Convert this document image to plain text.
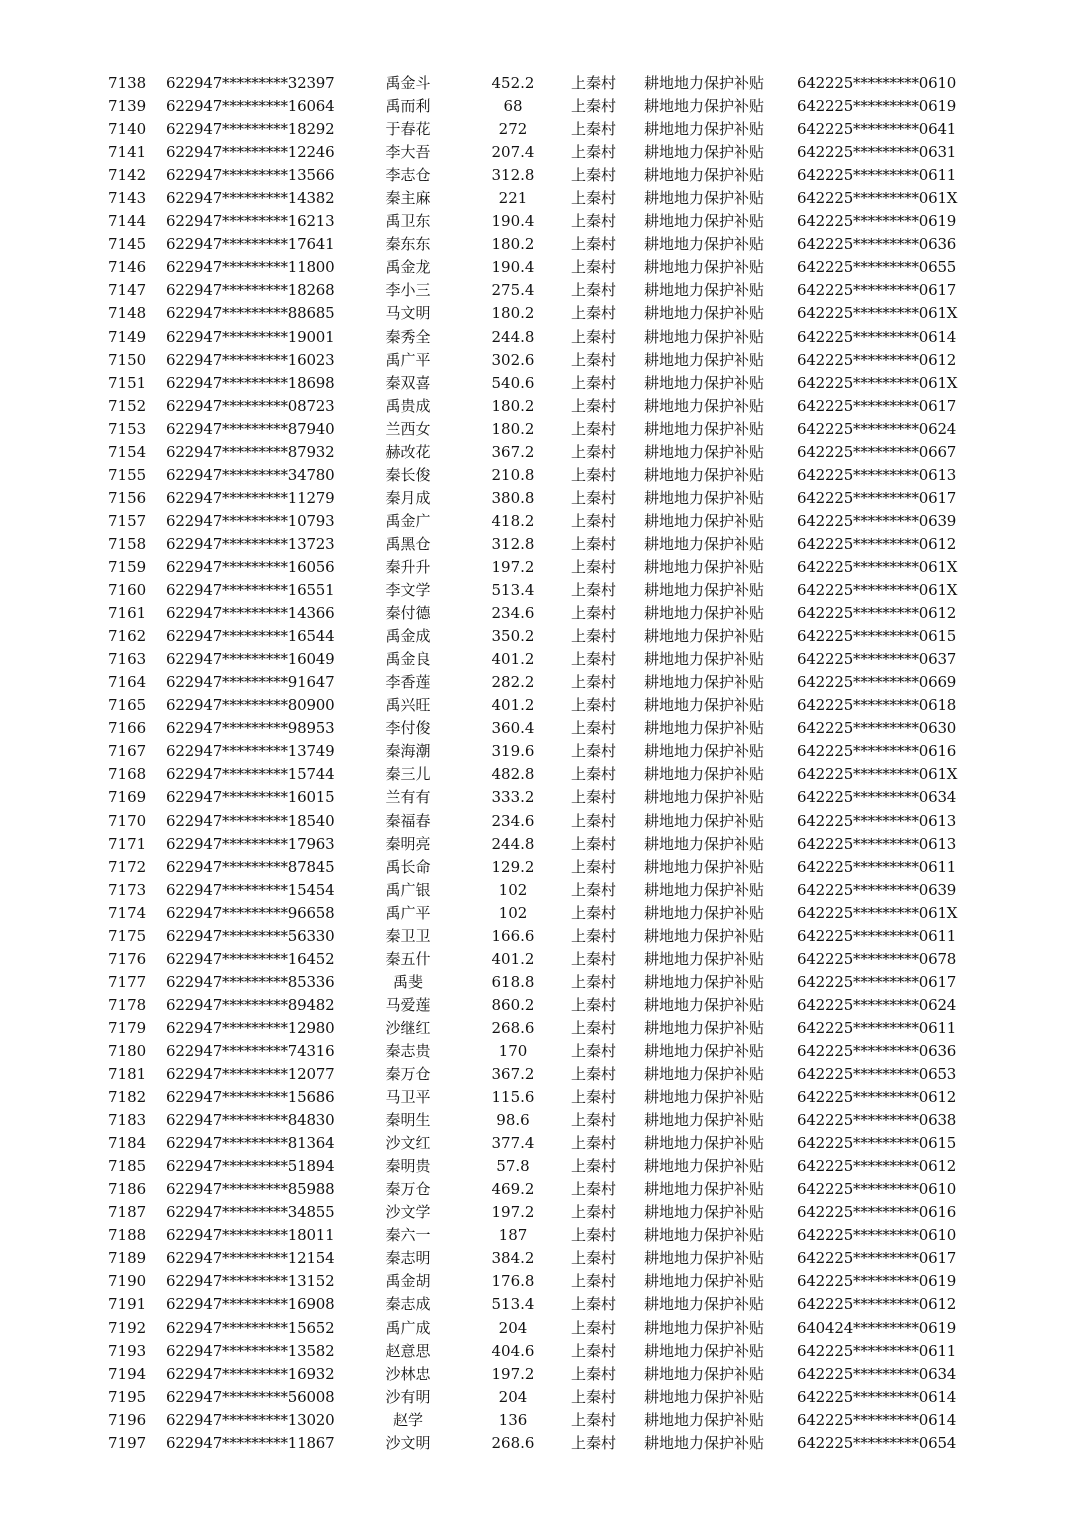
7138 622947*********32397	禹金斗	452.2	上秦村 耕地地力保护补贴 642225*********0610
7139 622947*********16064	禹而利	68	上秦村 耕地地力保护补贴 642225*********0619
7140 622947*********18292	于春花	272	上秦村 耕地地力保护补贴 642225*********0641
7141 622947*********12246	李大吾	207.4	上秦村 耕地地力保护补贴 642225*********0631
7142 622947*********13566	李志仓	312.8	上秦村 耕地地力保护补贴 642225*********0611
7143 622947*********14382	秦主麻	221	上秦村 耕地地力保护补贴 642225*********061X
7144 622947*********16213	禹卫东	190.4	上秦村 耕地地力保护补贴 642225*********0619
7145 622947*********17641	秦东东	180.2	上秦村 耕地地力保护补贴 642225*********0636
7146 622947*********11800	禹金龙	190.4	上秦村 耕地地力保护补贴 642225*********0655
7147 622947*********18268	李小三	275.4	上秦村 耕地地力保护补贴 642225*********0617
7148 622947*********88685	马文明	180.2	上秦村 耕地地力保护补贴 642225*********061X
7149 622947*********19001	秦秀全	244.8	上秦村 耕地地力保护补贴 642225*********0614
7150 622947*********16023	禹广平	302.6	上秦村 耕地地力保护补贴 642225*********0612
7151 622947*********18698	秦双喜	540.6	上秦村 耕地地力保护补贴 642225*********061X
7152 622947*********08723	禹贵成	180.2	上秦村 耕地地力保护补贴 642225*********0617
7153 622947*********87940	兰西女	180.2	上秦村 耕地地力保护补贴 642225*********0624
7154 622947*********87932	赫改花	367.2	上秦村 耕地地力保护补贴 642225*********0667
7155 622947*********34780	秦长俊	210.8	上秦村 耕地地力保护补贴 642225*********0613
7156 622947*********11279	秦月成	380.8	上秦村 耕地地力保护补贴 642225*********0617
7157 622947*********10793	禹金广	418.2	上秦村 耕地地力保护补贴 642225*********0639
7158 622947*********13723	禹黑仓	312.8	上秦村 耕地地力保护补贴 642225*********0612
7159 622947*********16056	秦升升	197.2	上秦村 耕地地力保护补贴 642225*********061X
7160 622947*********16551	李文学	513.4	上秦村 耕地地力保护补贴 642225*********061X
7161 622947*********14366	秦付德	234.6	上秦村 耕地地力保护补贴 642225*********0612
7162 622947*********16544	禹金成	350.2	上秦村 耕地地力保护补贴 642225*********0615
7163 622947*********16049	禹金良	401.2	上秦村 耕地地力保护补贴 642225*********0637
7164 622947*********91647	李香莲	282.2	上秦村 耕地地力保护补贴 642225*********0669
7165 622947*********80900	禹兴旺	401.2	上秦村 耕地地力保护补贴 642225*********0618
7166 622947*********98953	李付俊	360.4	上秦村 耕地地力保护补贴 642225*********0630
7167 622947*********13749	秦海潮	319.6	上秦村 耕地地力保护补贴 642225*********0616
7168 622947*********15744	秦三儿	482.8	上秦村 耕地地力保护补贴 642225*********061X
7169 622947*********16015	兰有有	333.2	上秦村 耕地地力保护补贴 642225*********0634
7170 622947*********18540	秦福春	234.6	上秦村 耕地地力保护补贴 642225*********0613
7171 622947*********17963	秦明亮	244.8	上秦村 耕地地力保护补贴 642225*********0613
7172 622947*********87845	禹长命	129.2	上秦村 耕地地力保护补贴 642225*********0611
7173 622947*********15454	禹广银	102	上秦村 耕地地力保护补贴 642225*********0639
7174 622947*********96658	禹广平	102	上秦村 耕地地力保护补贴 642225*********061X
7175 622947*********56330	秦卫卫	166.6	上秦村 耕地地力保护补贴 642225*********0611
7176 622947*********16452	秦五什	401.2	上秦村 耕地地力保护补贴 642225*********0678
7177 622947*********85336	禹斐	618.8	上秦村 耕地地力保护补贴 642225*********0617
7178 622947*********89482	马爱莲	860.2	上秦村 耕地地力保护补贴 642225*********0624
7179 622947*********12980	沙继红	268.6	上秦村 耕地地力保护补贴 642225*********0611
7180 622947*********74316	秦志贵	170	上秦村 耕地地力保护补贴 642225*********0636
7181 622947*********12077	秦万仓	367.2	上秦村 耕地地力保护补贴 642225*********0653
7182 622947*********15686	马卫平	115.6	上秦村 耕地地力保护补贴 642225*********0612
7183 622947*********84830	秦明生	98.6	上秦村 耕地地力保护补贴 642225*********0638
7184 622947*********81364	沙文红	377.4	上秦村 耕地地力保护补贴 642225*********0615
7185 622947*********51894	秦明贵	57.8	上秦村 耕地地力保护补贴 642225*********0612
7186 622947*********85988	秦万仓	469.2	上秦村 耕地地力保护补贴 642225*********0610
7187 622947*********34855	沙文学	197.2	上秦村 耕地地力保护补贴 642225*********0616
7188 622947*********18011	秦六一	187	上秦村 耕地地力保护补贴 642225*********0610
7189 622947*********12154	秦志明	384.2	上秦村 耕地地力保护补贴 642225*********0617
7190 622947*********13152	禹金胡	176.8	上秦村 耕地地力保护补贴 642225*********0619
7191 622947*********16908	秦志成	513.4	上秦村 耕地地力保护补贴 642225*********0612
7192 622947*********15652	禹广成	204	上秦村 耕地地力保护补贴 640424*********0619
7193 622947*********13582	赵意思	404.6	上秦村 耕地地力保护补贴 642225*********0611
7194 622947*********16932	沙林忠	197.2	上秦村 耕地地力保护补贴 642225*********0634
7195 622947*********56008	沙有明	204	上秦村 耕地地力保护补贴 642225*********0614
7196 622947*********13020	赵学	136	上秦村 耕地地力保护补贴 642225*********0614
7197 622947*********11867	沙文明	268.6	上秦村 耕地地力保护补贴 642225*********0654
